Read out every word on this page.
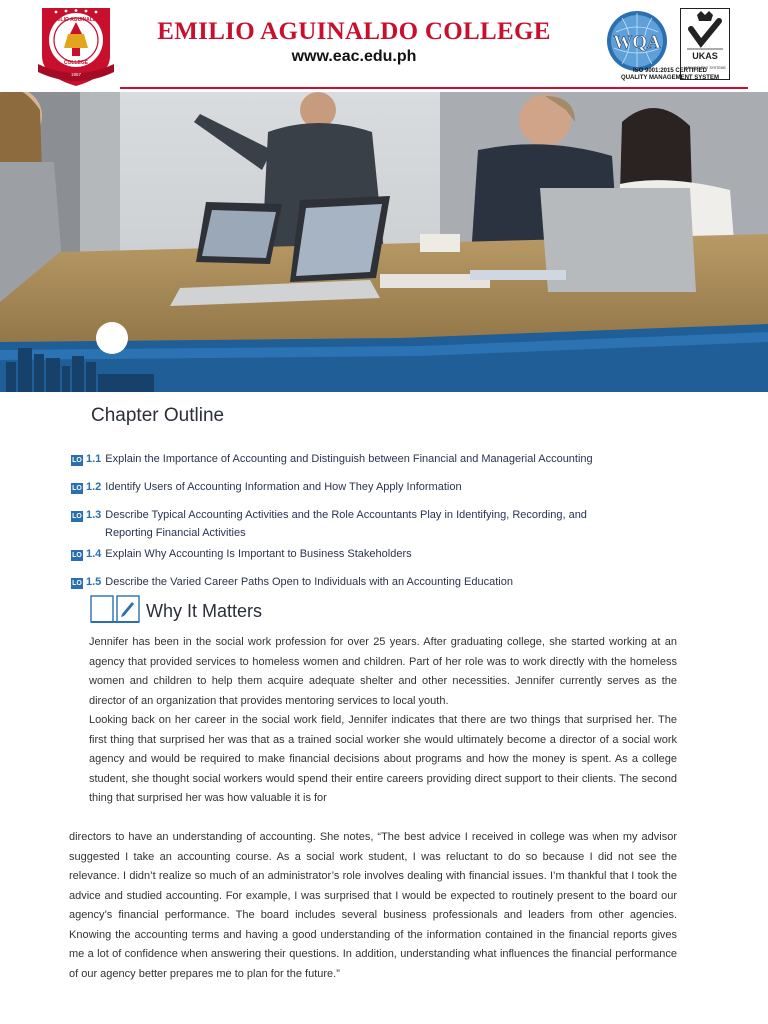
EMILIO AGUINALDO
COLLEGE
1957
EMILIO AGUINALDO COLLEGE
www.eac.edu.ph
WQA
UKAS
MANAGEMENT SYSTEMS
ISO 9001:2015 CERTIFIED
QUALITY MANAGEMENT SYSTEM
Chapter Outline
LO 1.1 Explain the Importance of Accounting and Distinguish between Financial and Managerial Accounting
LO 1.2 Identify Users of Accounting Information and How They Apply Information
LO 1.3 Describe Typical Accounting Activities and the Role Accountants Play in Identifying, Recording, and
Reporting Financial Activities
LO 1.4 Explain Why Accounting Is Important to Business Stakeholders
LO 1.5 Describe the Varied Career Paths Open to Individuals with an Accounting Education
Why It Matters

Jennifer has been in the social work profession for over 25 years. After graduating college, she started working at an agency that provided services to homeless women and children. Part of her role was to work directly with the homeless women and children to help them acquire adequate shelter and other necessities. Jennifer currently serves as the director of an organization that provides mentoring services to local youth.

Looking back on her career in the social work field, Jennifer indicates that there are two things that surprised her. The first thing that surprised her was that as a trained social worker she would ultimately become a director of a social work agency and would be required to make financial decisions about programs and how the money is spent. As a college student, she thought social workers would spend their entire careers providing direct support to their clients. The second thing that surprised her was how valuable it is for

directors to have an understanding of accounting. She notes, “The best advice I received in college was when my advisor suggested I take an accounting course. As a social work student, I was reluctant to do so because I did not see the relevance. I didn’t realize so much of an administrator’s role involves dealing with financial issues. I’m thankful that I took the advice and studied accounting. For example, I was surprised that I would be expected to routinely present to the board our agency’s financial performance. The board includes several business professionals and leaders from other agencies. Knowing the accounting terms and having a good understanding of the information contained in the financial reports gives me a lot of confidence when answering their questions. In addition, understanding what influences the financial performance of our agency better prepares me to plan for the future.”
